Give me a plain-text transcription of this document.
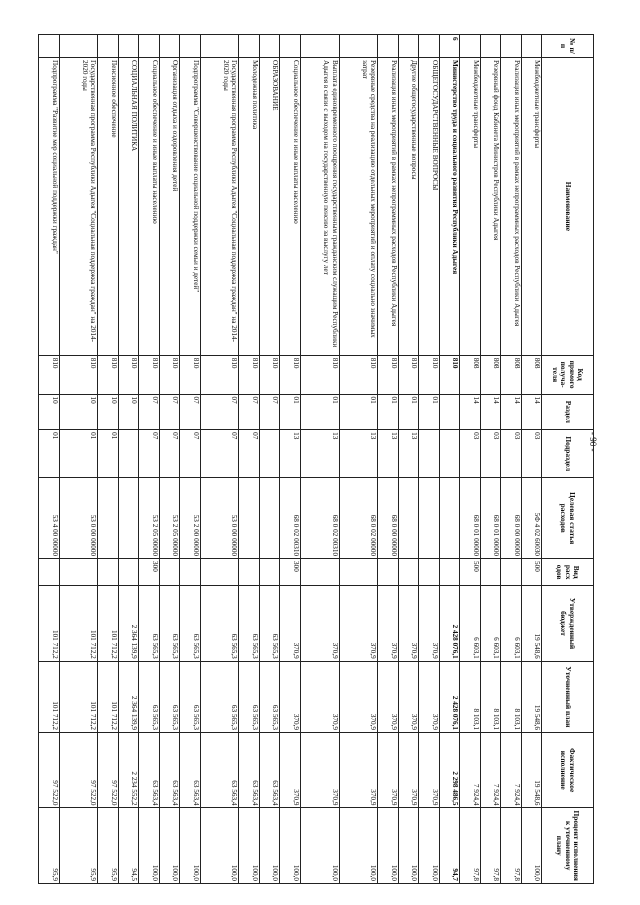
- 90 -
№ п/п	Наименование	Код прямого получа-теля	Раздел	Подраздел	Целевая статья расходов	Вид расх одов	Утвержденный бюджет	Уточненный план	Фактическое исполнение	Процент исполнения к уточненному плану
	Межбюджетные трансферты	808	14	03	5Ф 4 02 60030	500	19 548,6	19 548,6	19 548,6	100,0
	Реализация иных мероприятий в рамках непрограммных расходов Республики Адыгея	808	14	03	68 0 00 00000		6 603,1	8 103,1	7 924,4	97,8
	Резервный фонд Кабинета Министров Республики Адыгея	808	14	03	68 0 01 00000		6 603,1	8 103,1	7 924,4	97,8
	Межбюджетные трансферты	808	14	03	68 0 01 00000	500	6 603,1	8 103,1	7 924,4	97,8
6	Министерство труда и социального развития Республики Адыгея	810					2 428 076,1	2 428 076,1	2 298 486,5	94,7
	ОБЩЕГОСУДАРСТВЕННЫЕ ВОПРОСЫ	810	01				370,9	370,9	370,9	100,0
	Другие общегосударственные вопросы	810	01	13			370,9	370,9	370,9	100,0
	Реализация иных мероприятий в рамках непрограммных расходов Республики Адыгея	810	01	13	68 0 00 00000		370,9	370,9	370,9	100,0
	Резервные средства на реализацию отдельных мероприятий и оплату социально значимых затрат	810	01	13	68 0 02 00000		370,9	370,9	370,9	100,0
	Выплата единовременного поощрения государственным гражданским служащим Республики Адыгея в связи с выходом на государственную пенсию за выслугу лет	810	01	13	68 0 02 00310		370,9	370,9	370,9	100,0
	Социальное обеспечение и иные выплаты населению	810	01	13	68 0 02 00310	300	370,9	370,9	370,9	100,0
	ОБРАЗОВАНИЕ	810	07				63 565,3	63 565,3	63 563,4	100,0
	Молодежная политика	810	07	07			63 565,3	63 565,3	63 563,4	100,0
	Государственная программа Республики Адыгея "Социальная поддержка граждан" на 2014-2020 годы	810	07	07	53 0 00 00000		63 565,3	63 565,3	63 563,4	100,0
	Подпрограмма "Совершенствование социальной поддержки семьи и детей"	810	07	07	53 2 00 00000		63 565,3	63 565,3	63 563,4	100,0
	Организация отдыха и оздоровления детей	810	07	07	53 2 05 00000		63 565,3	63 565,3	63 563,4	100,0
	Социальное обеспечение и иные выплаты населению	810	07	07	53 2 05 00000	300	63 565,3	63 565,3	63 563,4	100,0
	СОЦИАЛЬНАЯ ПОЛИТИКА	810	10				2 364 139,9	2 364 139,9	2 234 552,2	94,5
	Пенсионное обеспечение	810	10	01			101 712,2	101 712,2	97 522,0	95,9
	Государственная программа Республики Адыгея "Социальная поддержка граждан" на 2014-2020 годы	810	10	01	53 0 00 00000		101 712,2	101 712,2	97 522,0	95,9
	Подпрограмма "Развитие мер социальной поддержки граждан"	810	10	01	53 4 00 00000		101 712,2	101 712,2	97 522,0	95,9
